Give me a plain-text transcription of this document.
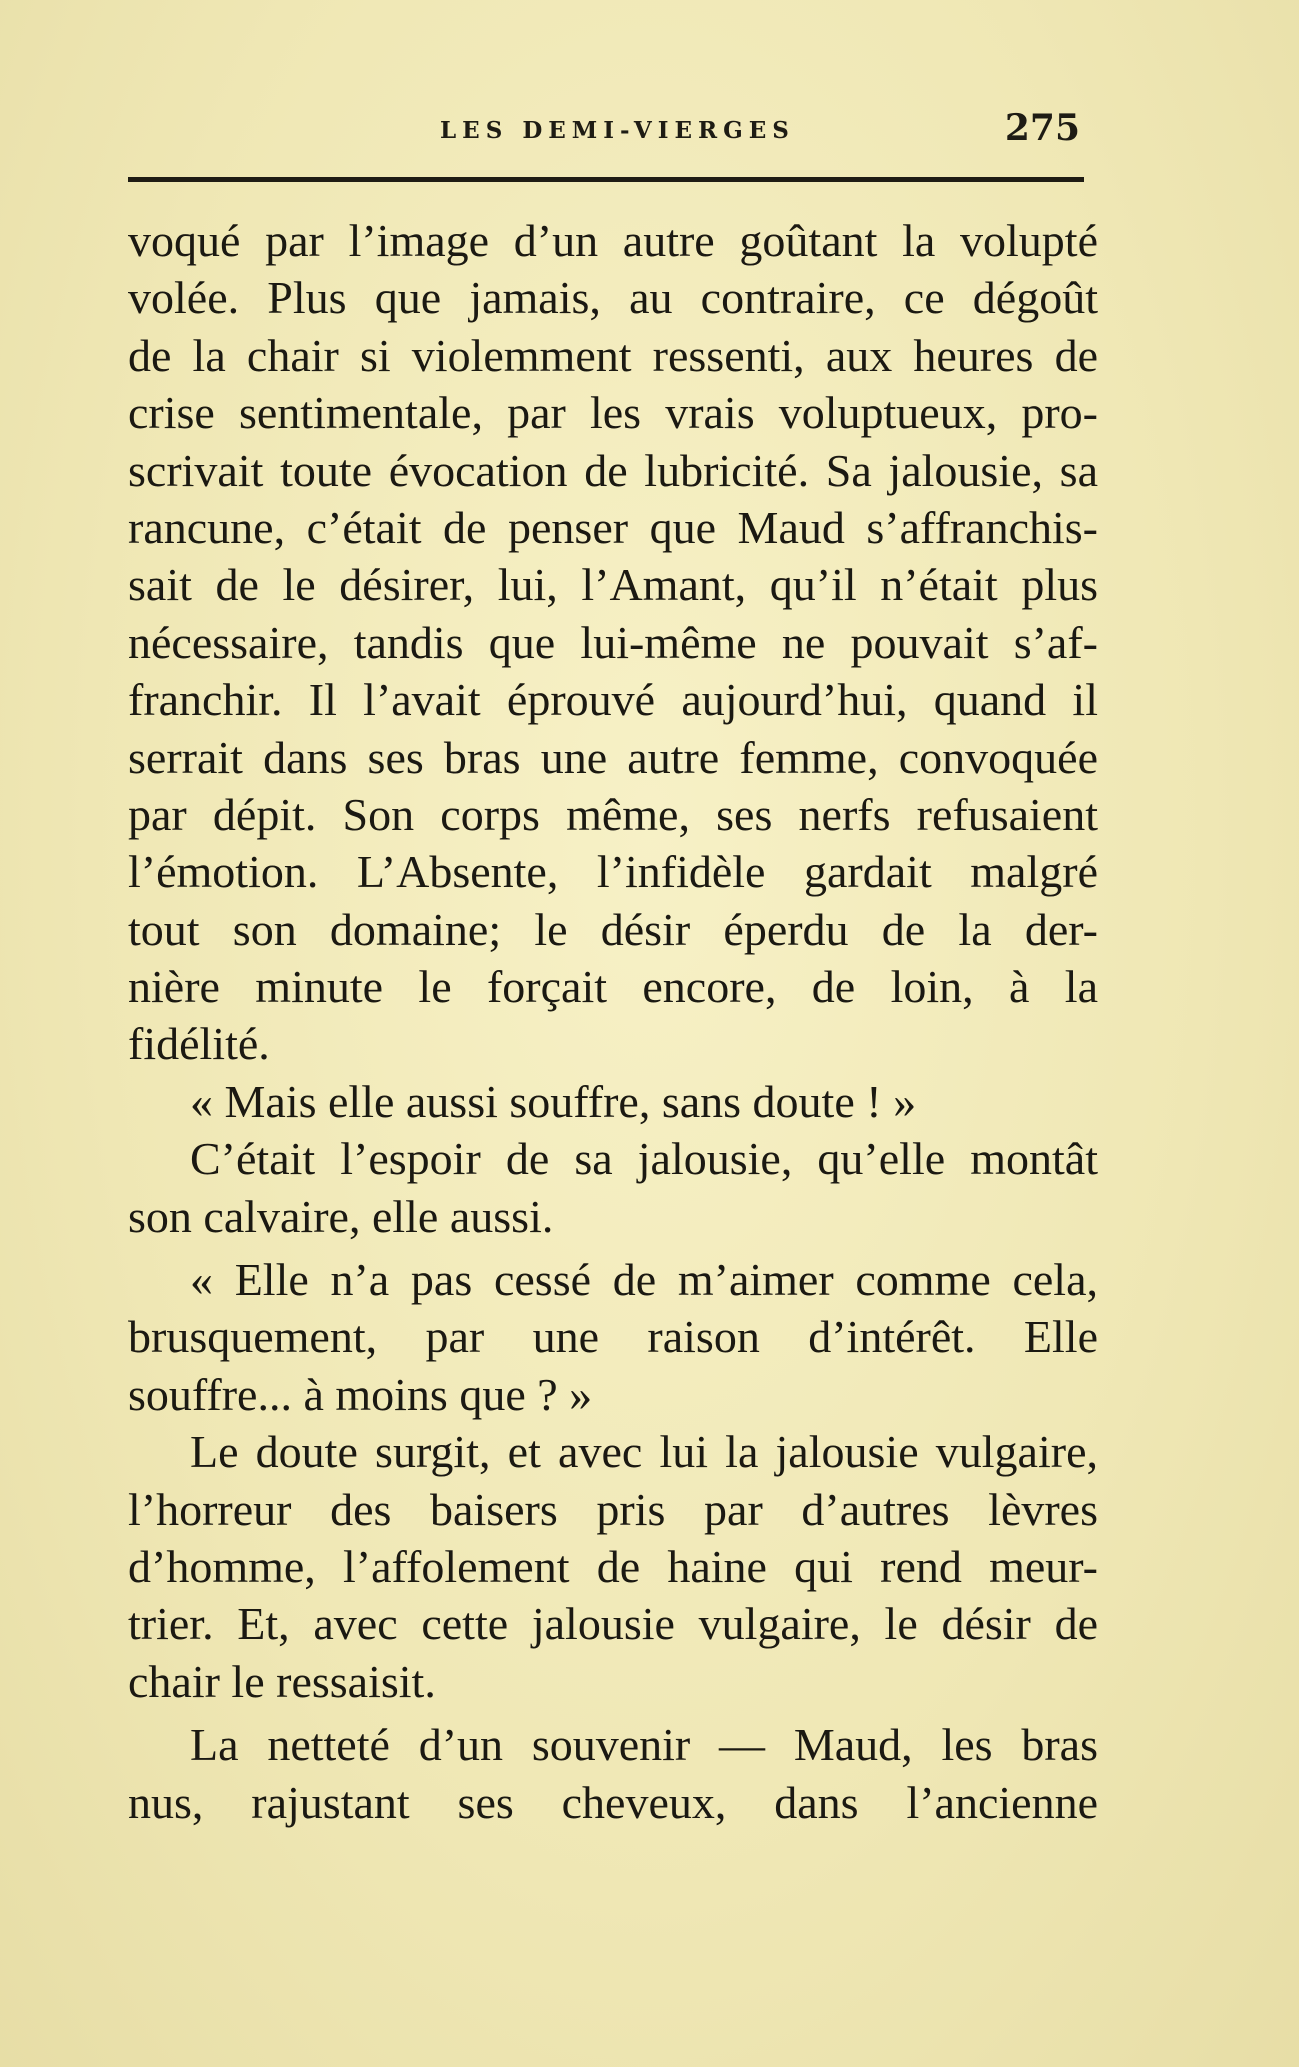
LES DEMI-VIERGES	275
voqué par l’image d’un autre goûtant la volupté
volée. Plus que jamais, au contraire, ce dégoût
de la chair si violemment ressenti, aux heures de
crise sentimentale, par les vrais voluptueux, pro-
scrivait toute évocation de lubricité. Sa jalousie, sa
rancune, c’était de penser que Maud s’affranchis-
sait de le désirer, lui, l’Amant, qu’il n’était plus
nécessaire, tandis que lui-même ne pouvait s’af-
franchir. Il l’avait éprouvé aujourd’hui, quand il
serrait dans ses bras une autre femme, convoquée
par dépit. Son corps même, ses nerfs refusaient
l’émotion. L’Absente, l’infidèle gardait malgré
tout son domaine; le désir éperdu de la der-
nière minute le forçait encore, de loin, à la
fidélité.
« Mais elle aussi souffre, sans doute ! »
C’était l’espoir de sa jalousie, qu’elle montât
son calvaire, elle aussi.
« Elle n’a pas cessé de m’aimer comme cela,
brusquement, par une raison d’intérêt. Elle
souffre... à moins que ? »
Le doute surgit, et avec lui la jalousie vulgaire,
l’horreur des baisers pris par d’autres lèvres
d’homme, l’affolement de haine qui rend meur-
trier. Et, avec cette jalousie vulgaire, le désir de
chair le ressaisit.
La netteté d’un souvenir — Maud, les bras
nus, rajustant ses cheveux, dans l’ancienne
